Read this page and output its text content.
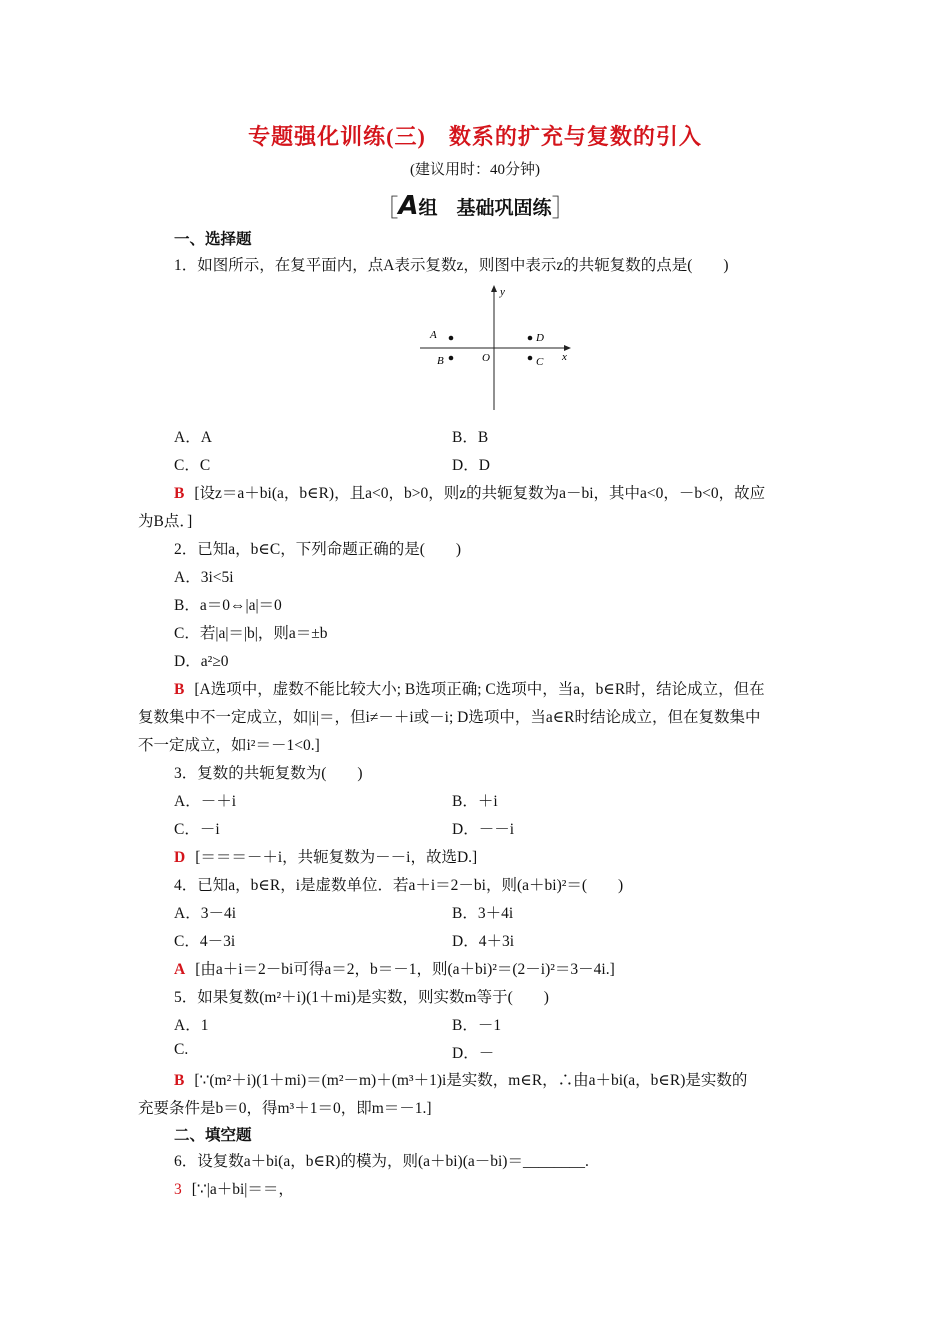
专题强化训练(三)　数系的扩充与复数的引入
(建议用时：40分钟)
［A组　基础巩固练］
一、选择题
1．如图所示，在复平面内，点A表示复数z，则图中表示z的共轭复数的点是(　　)
y
x
O
A
B	C
D
A．A	B．B
C．C	D．D
B [设z＝a＋bi(a，b∈R)，且a<0，b>0，则z的共轭复数为a－bi，其中a<0，－b<0，故应
为B点．]
2．已知a，b∈C，下列命题正确的是(　　)
A．3i<5i
B．a＝0⇔|a|＝0
C．若|a|＝|b|，则a＝±b
D．a²≥0
B [A选项中，虚数不能比较大小; B选项正确; C选项中，当a，b∈R时，结论成立，但在
复数集中不一定成立，如|i|＝，但i≠－＋i或－i; D选项中，当a∈R时结论成立，但在复数集中
不一定成立，如i²＝－1<0.]
3．复数的共轭复数为(　　)
A．－＋i	B．＋i
C．－i	D．－－i
D [＝＝＝－＋i，共轭复数为－－i，故选D.]
4．已知a，b∈R，i是虚数单位．若a＋i＝2－bi，则(a＋bi)²＝(　　)
A．3－4i	B．3＋4i
C．4－3i	D．4＋3i
A [由a＋i＝2－bi可得a＝2，b＝－1，则(a＋bi)²＝(2－i)²＝3－4i.]
5．如果复数(m²＋i)(1＋mi)是实数，则实数m等于(　　)
A．1	B．－1
C.	D．－
B [∵(m²＋i)(1＋mi)＝(m²－m)＋(m³＋1)i是实数，m∈R，∴由a＋bi(a，b∈R)是实数的
充要条件是b＝0，得m³＋1＝0，即m＝－1.]
二、填空题
6．设复数a＋bi(a，b∈R)的模为，则(a＋bi)(a－bi)＝________.
3 [∵|a＋bi|＝＝，
